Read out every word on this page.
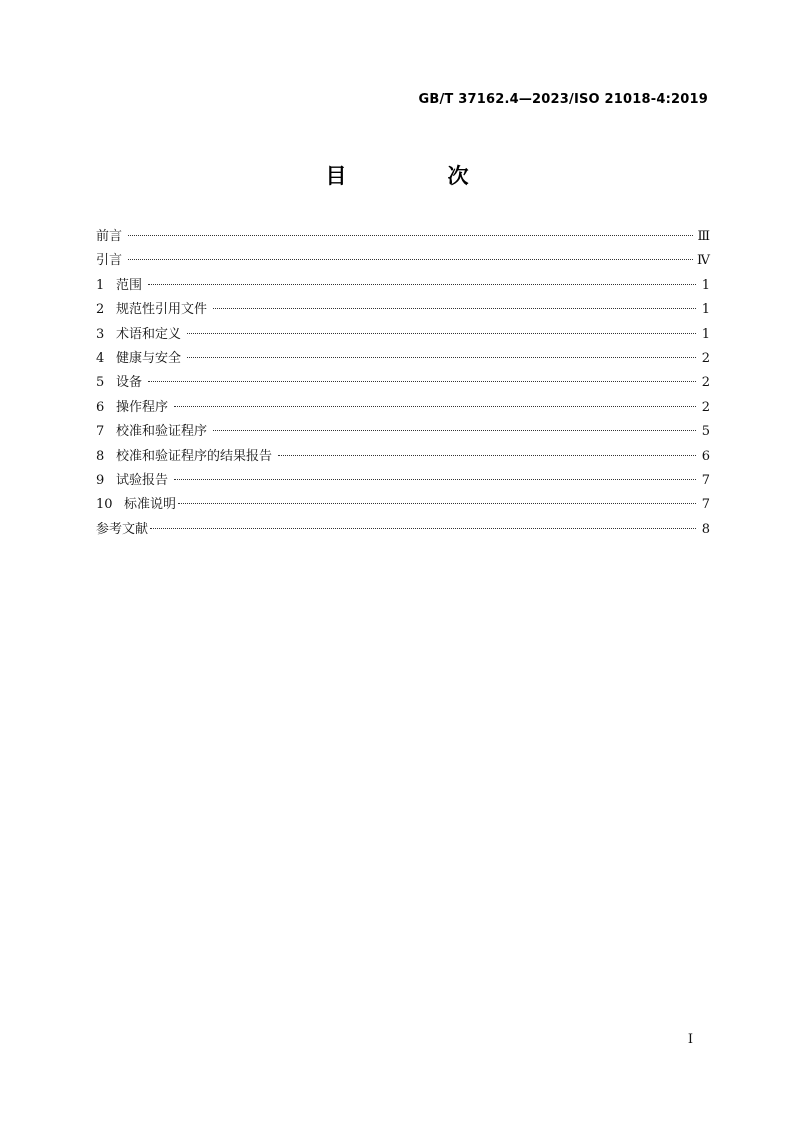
GB/T 37162.4—2023/ISO 21018-4:2019
目　次
前言	Ⅲ
引言	Ⅳ
1 范围	1
2 规范性引用文件	1
3 术语和定义	1
4 健康与安全	2
5 设备	2
6 操作程序	2
7 校准和验证程序	5
8 校准和验证程序的结果报告	6
9 试验报告	7
10 标准说明	7
参考文献	8
I
